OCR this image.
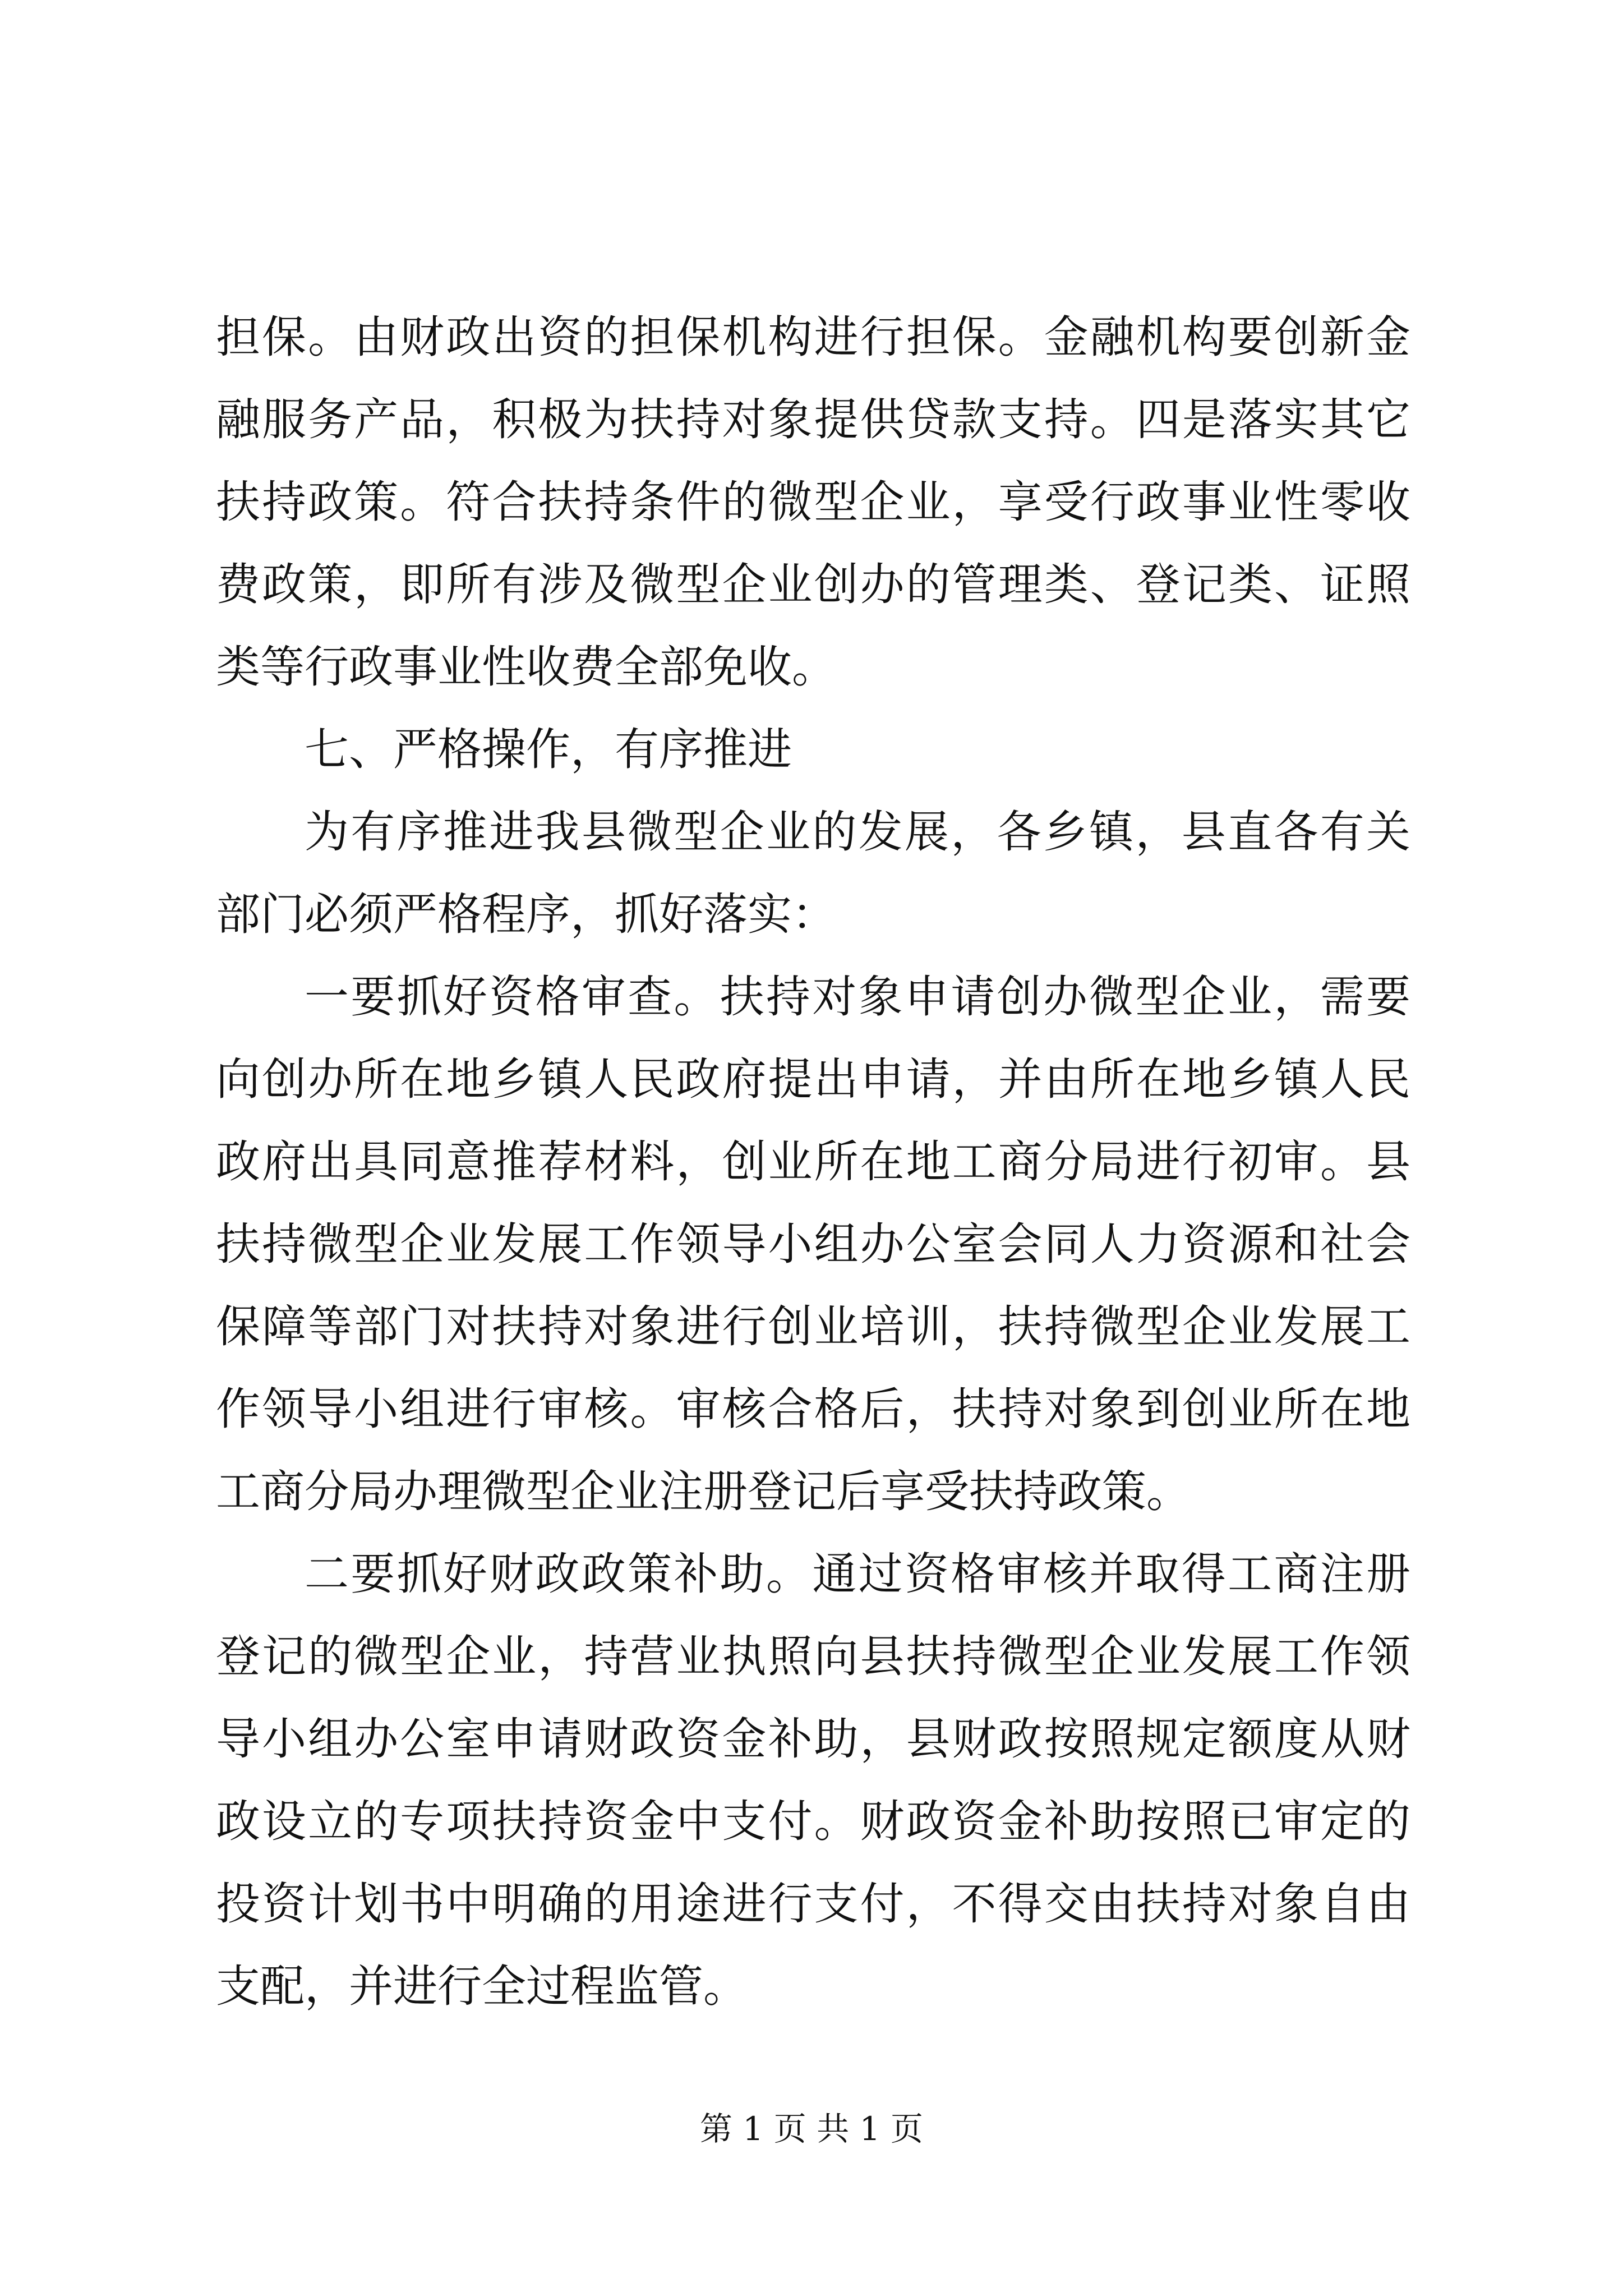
担保。由财政出资的担保机构进行担保。金融机构要创新金融服务产品，积极为扶持对象提供贷款支持。四是落实其它扶持政策。符合扶持条件的微型企业，享受行政事业性零收费政策，即所有涉及微型企业创办的管理类、登记类、证照类等行政事业性收费全部免收。

七、严格操作，有序推进

为有序推进我县微型企业的发展，各乡镇，县直各有关部门必须严格程序，抓好落实：

一要抓好资格审查。扶持对象申请创办微型企业，需要向创办所在地乡镇人民政府提出申请，并由所在地乡镇人民政府出具同意推荐材料，创业所在地工商分局进行初审。县扶持微型企业发展工作领导小组办公室会同人力资源和社会保障等部门对扶持对象进行创业培训，扶持微型企业发展工作领导小组进行审核。审核合格后，扶持对象到创业所在地工商分局办理微型企业注册登记后享受扶持政策。

二要抓好财政政策补助。通过资格审核并取得工商注册登记的微型企业，持营业执照向县扶持微型企业发展工作领导小组办公室申请财政资金补助，县财政按照规定额度从财政设立的专项扶持资金中支付。财政资金补助按照已审定的投资计划书中明确的用途进行支付，不得交由扶持对象自由支配，并进行全过程监管。

第 1 页 共 1 页
